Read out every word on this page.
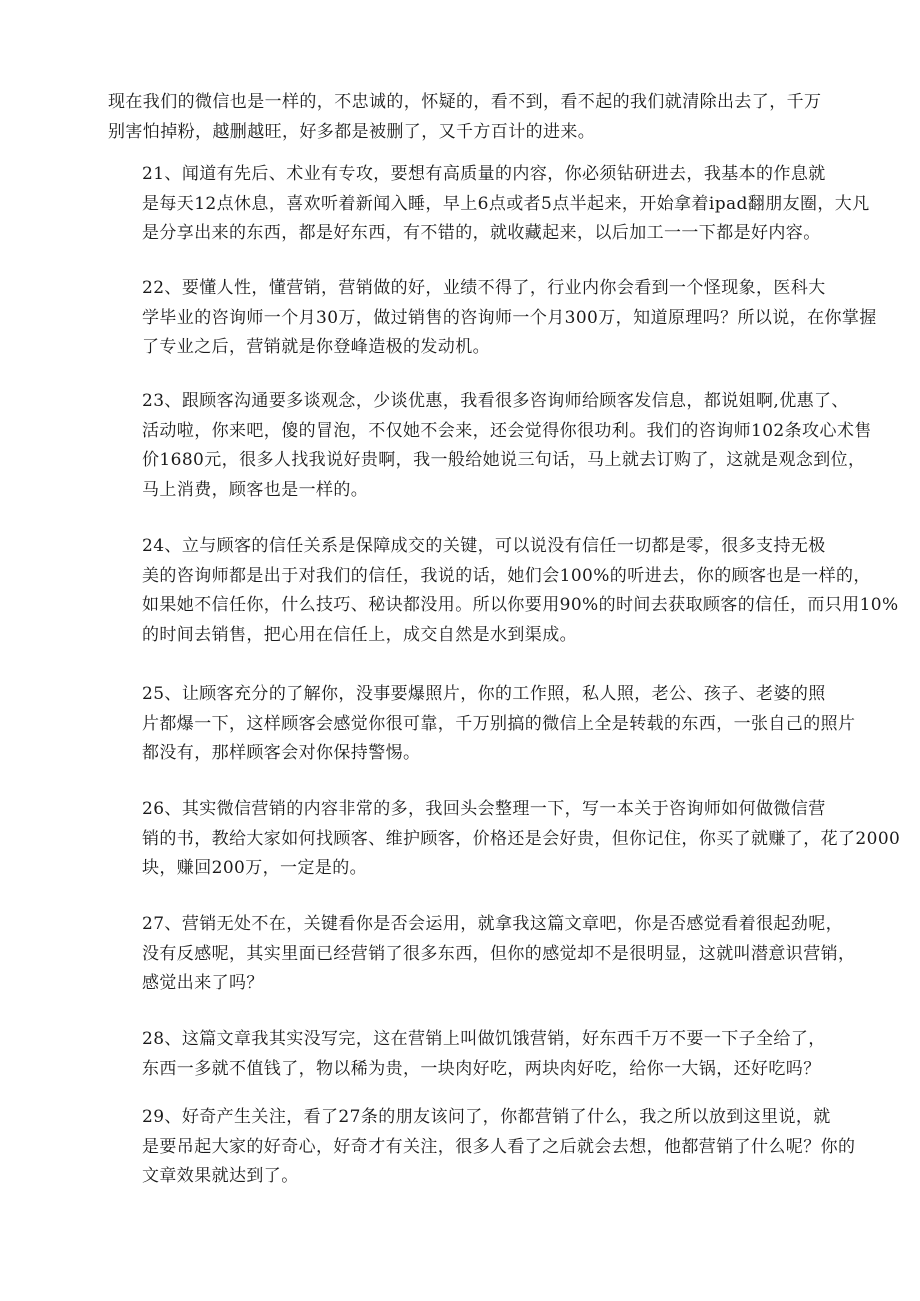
现在我们的微信也是一样的，不忠诚的，怀疑的，看不到，看不起的我们就清除出去了，千万
别害怕掉粉，越删越旺，好多都是被删了，又千方百计的进来。

21、闻道有先后、术业有专攻，要想有高质量的内容，你必须钻研进去，我基本的作息就
是每天12点休息，喜欢听着新闻入睡，早上6点或者5点半起来，开始拿着ipad翻朋友圈，大凡
是分享出来的东西，都是好东西，有不错的，就收藏起来，以后加工一一下都是好内容。

22、要懂人性，懂营销，营销做的好，业绩不得了，行业内你会看到一个怪现象，医科大
学毕业的咨询师一个月30万，做过销售的咨询师一个月300万，知道原理吗？所以说，在你掌握
了专业之后，营销就是你登峰造极的发动机。

23、跟顾客沟通要多谈观念，少谈优惠，我看很多咨询师给顾客发信息，都说姐啊,优惠了、
活动啦，你来吧，傻的冒泡，不仅她不会来，还会觉得你很功利。我们的咨询师102条攻心术售
价1680元，很多人找我说好贵啊，我一般给她说三句话，马上就去订购了，这就是观念到位，
马上消费，顾客也是一样的。

24、立与顾客的信任关系是保障成交的关键，可以说没有信任一切都是零，很多支持无极
美的咨询师都是出于对我们的信任，我说的话，她们会100%的听进去，你的顾客也是一样的，
如果她不信任你，什么技巧、秘诀都没用。所以你要用90%的时间去获取顾客的信任，而只用10%
的时间去销售，把心用在信任上，成交自然是水到渠成。

25、让顾客充分的了解你，没事要爆照片，你的工作照，私人照，老公、孩子、老婆的照
片都爆一下，这样顾客会感觉你很可靠，千万别搞的微信上全是转载的东西，一张自己的照片
都没有，那样顾客会对你保持警惕。

26、其实微信营销的内容非常的多，我回头会整理一下，写一本关于咨询师如何做微信营
销的书，教给大家如何找顾客、维护顾客，价格还是会好贵，但你记住，你买了就赚了，花了2000
块，赚回200万，一定是的。

27、营销无处不在，关键看你是否会运用，就拿我这篇文章吧，你是否感觉看着很起劲呢，
没有反感呢，其实里面已经营销了很多东西，但你的感觉却不是很明显，这就叫潜意识营销，
感觉出来了吗？

28、这篇文章我其实没写完，这在营销上叫做饥饿营销，好东西千万不要一下子全给了，
东西一多就不值钱了，物以稀为贵，一块肉好吃，两块肉好吃，给你一大锅，还好吃吗？

29、好奇产生关注，看了27条的朋友该问了，你都营销了什么，我之所以放到这里说，就
是要吊起大家的好奇心，好奇才有关注，很多人看了之后就会去想，他都营销了什么呢？你的
文章效果就达到了。
